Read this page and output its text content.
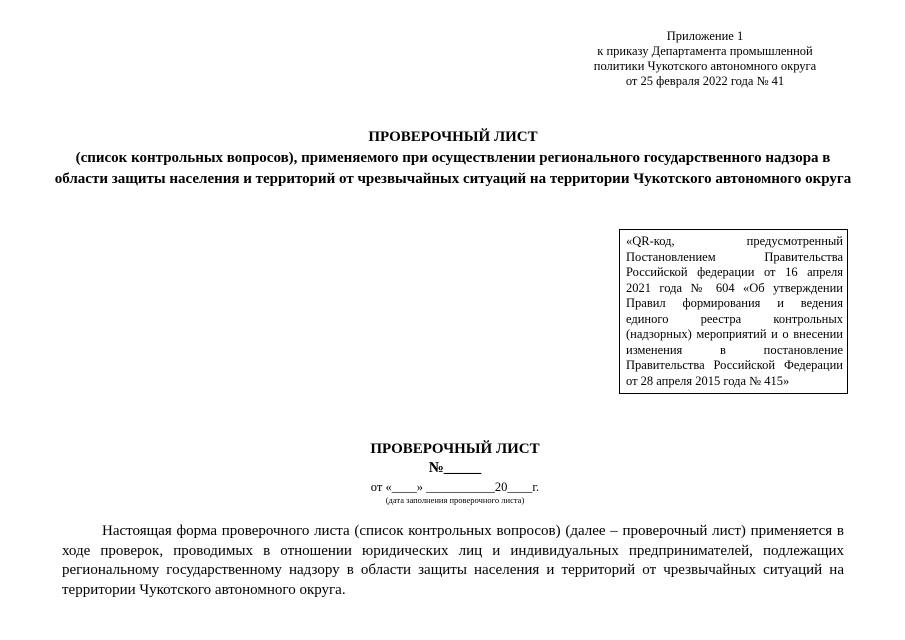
Приложение 1
к приказу Департамента промышленной
политики Чукотского автономного округа
от 25 февраля 2022 года № 41
ПРОВЕРОЧНЫЙ ЛИСТ
(список контрольных вопросов), применяемого при осуществлении регионального государственного надзора в области защиты населения и территорий от чрезвычайных ситуаций на территории Чукотского автономного округа
«QR-код, предусмотренный Постановлением Правительства Российской федерации от 16 апреля 2021 года № 604 «Об утверждении Правил формирования и ведения единого реестра контрольных (надзорных) мероприятий и о внесении изменения в постановление Правительства Российской Федерации от 28 апреля 2015 года № 415»
ПРОВЕРОЧНЫЙ ЛИСТ
№_____
от «____» ___________20____г.
(дата заполнения проверочного листа)
Настоящая форма проверочного листа (список контрольных вопросов) (далее – проверочный лист) применяется в ходе проверок, проводимых в отношении юридических лиц и индивидуальных предпринимателей, подлежащих региональному государственному надзору в области защиты населения и территорий от чрезвычайных ситуаций на территории Чукотского автономного округа.
